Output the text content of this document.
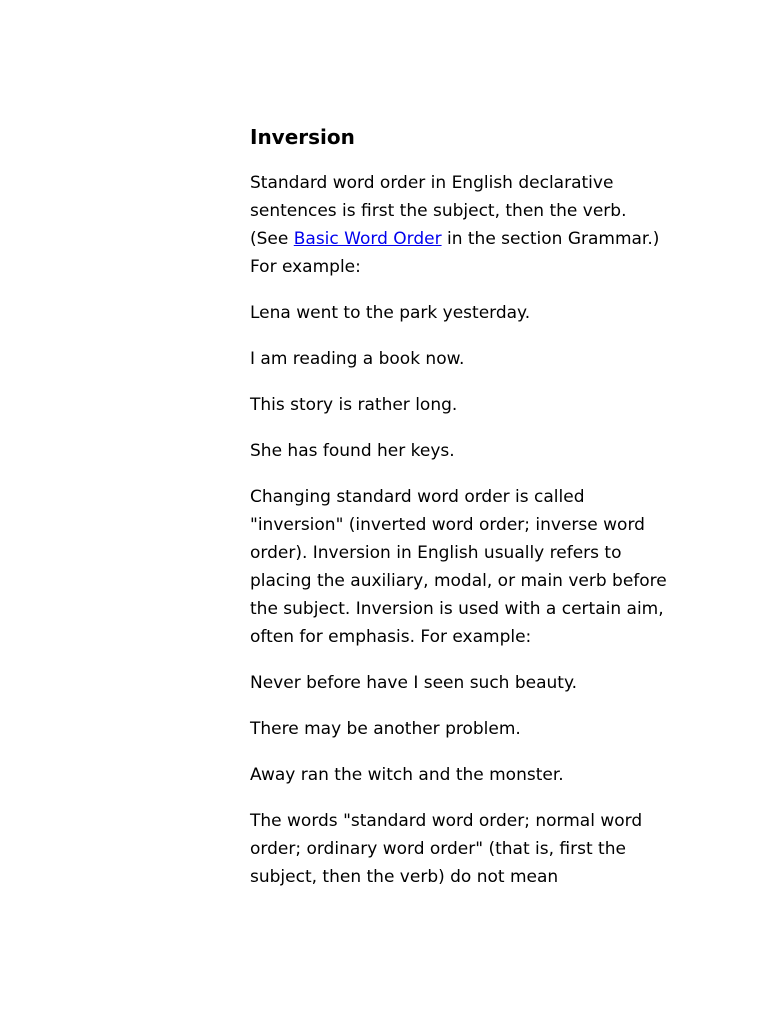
Inversion

Standard word order in English declarative sentences is first the subject, then the verb. (See Basic Word Order in the section Grammar.) For example:

Lena went to the park yesterday.

I am reading a book now.

This story is rather long.

She has found her keys.

Changing standard word order is called "inversion" (inverted word order; inverse word order). Inversion in English usually refers to placing the auxiliary, modal, or main verb before the subject. Inversion is used with a certain aim, often for emphasis. For example:

Never before have I seen such beauty.

There may be another problem.

Away ran the witch and the monster.

The words "standard word order; normal word order; ordinary word order" (that is, first the subject, then the verb) do not mean
